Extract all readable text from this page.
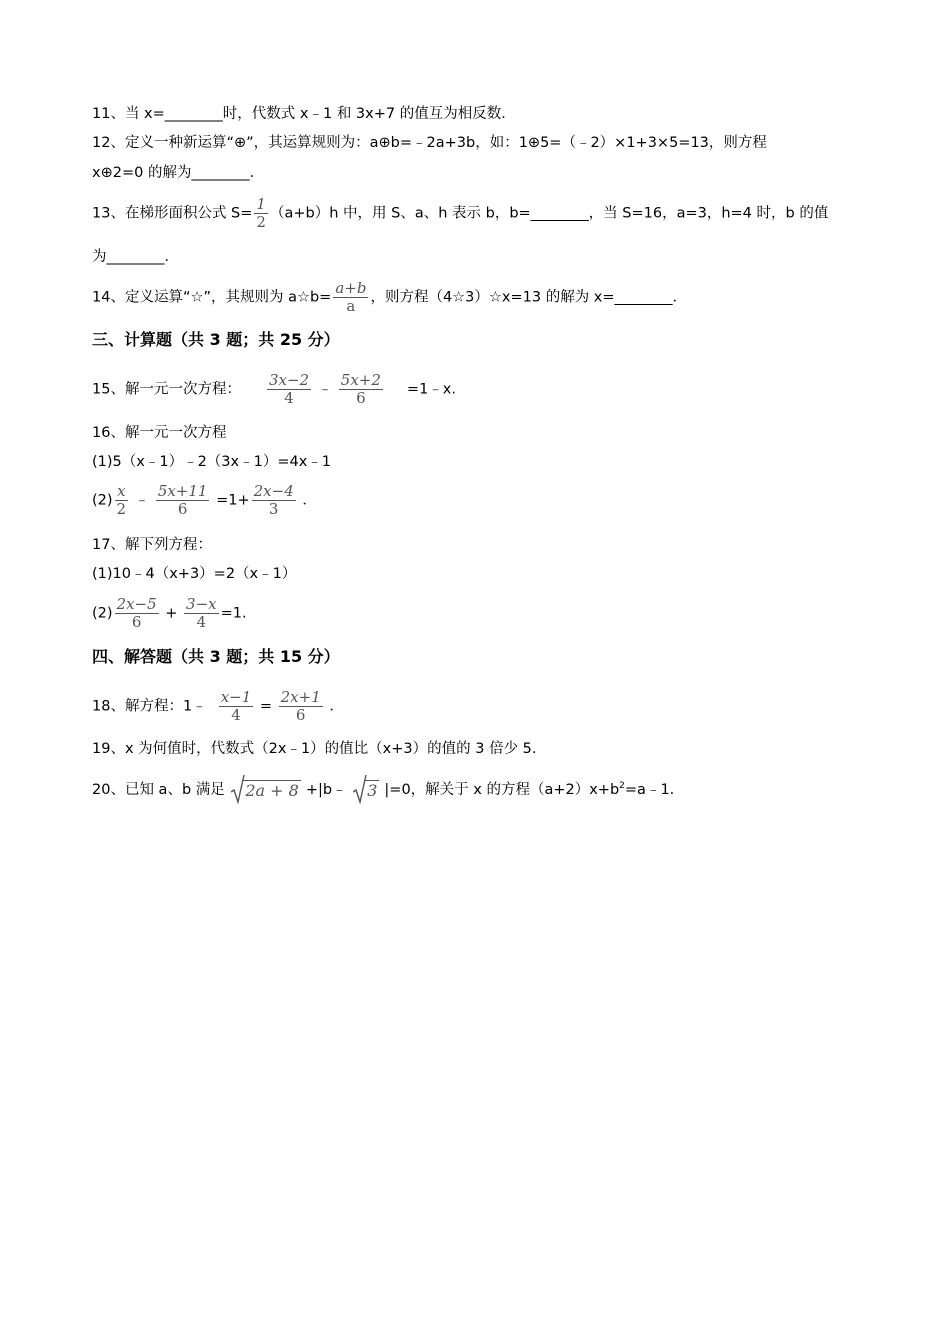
11、当 x=________时，代数式 x﹣1 和 3x+7 的值互为相反数．
12、定义一种新运算“⊕”，其运算规则为：a⊕b=﹣2a+3b，如：1⊕5=（﹣2）×1+3×5=13，则方程
x⊕2=0 的解为________．
13、在梯形面积公式 $S= \frac{1}{2} (a+b)h$ 中，用 S、a、h 表示 b，b=________，当 S=16，a=3，h=4 时，b 的值
为________．
14、定义运算“☆”，其规则为 a☆b= $\frac{a+b}{a}$ ，则方程（4☆3）☆x=13 的解为 x=________．
三、计算题（共 3 题；共 25 分）
15、解一元一次方程： $\frac{3x-2}{4}$ ﹣ $\frac{5x+2}{6}$ =1﹣x.
16、解一元一次方程
(1)5（x﹣1）﹣2（3x﹣1）=4x﹣1
$(2) \frac{x}{2}$ ﹣ $\frac{5x+11}{6} =1+ \frac{2x-4}{3}$ ．
17、解下列方程：
(1)10﹣4（x+3）=2（x﹣1）
$(2) \frac{2x-5}{6} + \frac{3-x}{4} =1$.
四、解答题（共 3 题；共 15 分）
18、解方程：1﹣ $\frac{x-1}{4} = \frac{2x+1}{6}$ ．
19、x 为何值时，代数式（2x﹣1）的值比（x+3）的值的 3 倍少 5.
20、已知 a、b 满足 2a + 8 +|b﹣ 3 |=0，解关于 x 的方程$(a+2)x+b^2=a﹣1$.
